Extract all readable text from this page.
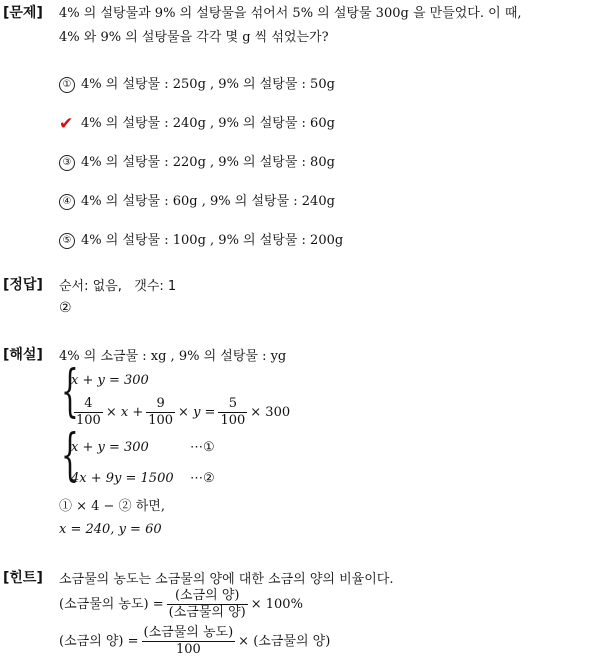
[문제] 4% 의 설탕물과 9% 의 설탕물을 섞어서 5% 의 설탕물 300g 을 만들었다. 이 때,
4% 와 9% 의 설탕물을 각각 몇 g 씩 섞었는가?
① 4% 의 설탕물 : 250g , 9% 의 설탕물 : 50g
✔ 4% 의 설탕물 : 240g , 9% 의 설탕물 : 60g
③ 4% 의 설탕물 : 220g , 9% 의 설탕물 : 80g
④ 4% 의 설탕물 : 60g , 9% 의 설탕물 : 240g
⑤ 4% 의 설탕물 : 100g , 9% 의 설탕물 : 200g
[정답] 순서: 없음,   갯수: 1
②
[해설] 4% 의 소금물 : xg , 9% 의 설탕물 : yg
{
x + y = 300
$\frac{4}{100} \times x + \frac{9}{100} \times y = \frac{5}{100} \times 300$
{
x + y = 300	⋯①
4x + 9y = 1500 ⋯②
① × 4 − ② 하면,
x = 240, y = 60
[힌트] 소금물의 농도는 소금물의 양에 대한 소금의 양의 비율이다.
(소금물의 농도) = $\frac{\text{(소금의 양)}}{\text{(소금물의 양)}} \times 100\%$
(소금의 양) = $\frac{\text{(소금물의 농도)}}{100}$ × (소금물의 양)
